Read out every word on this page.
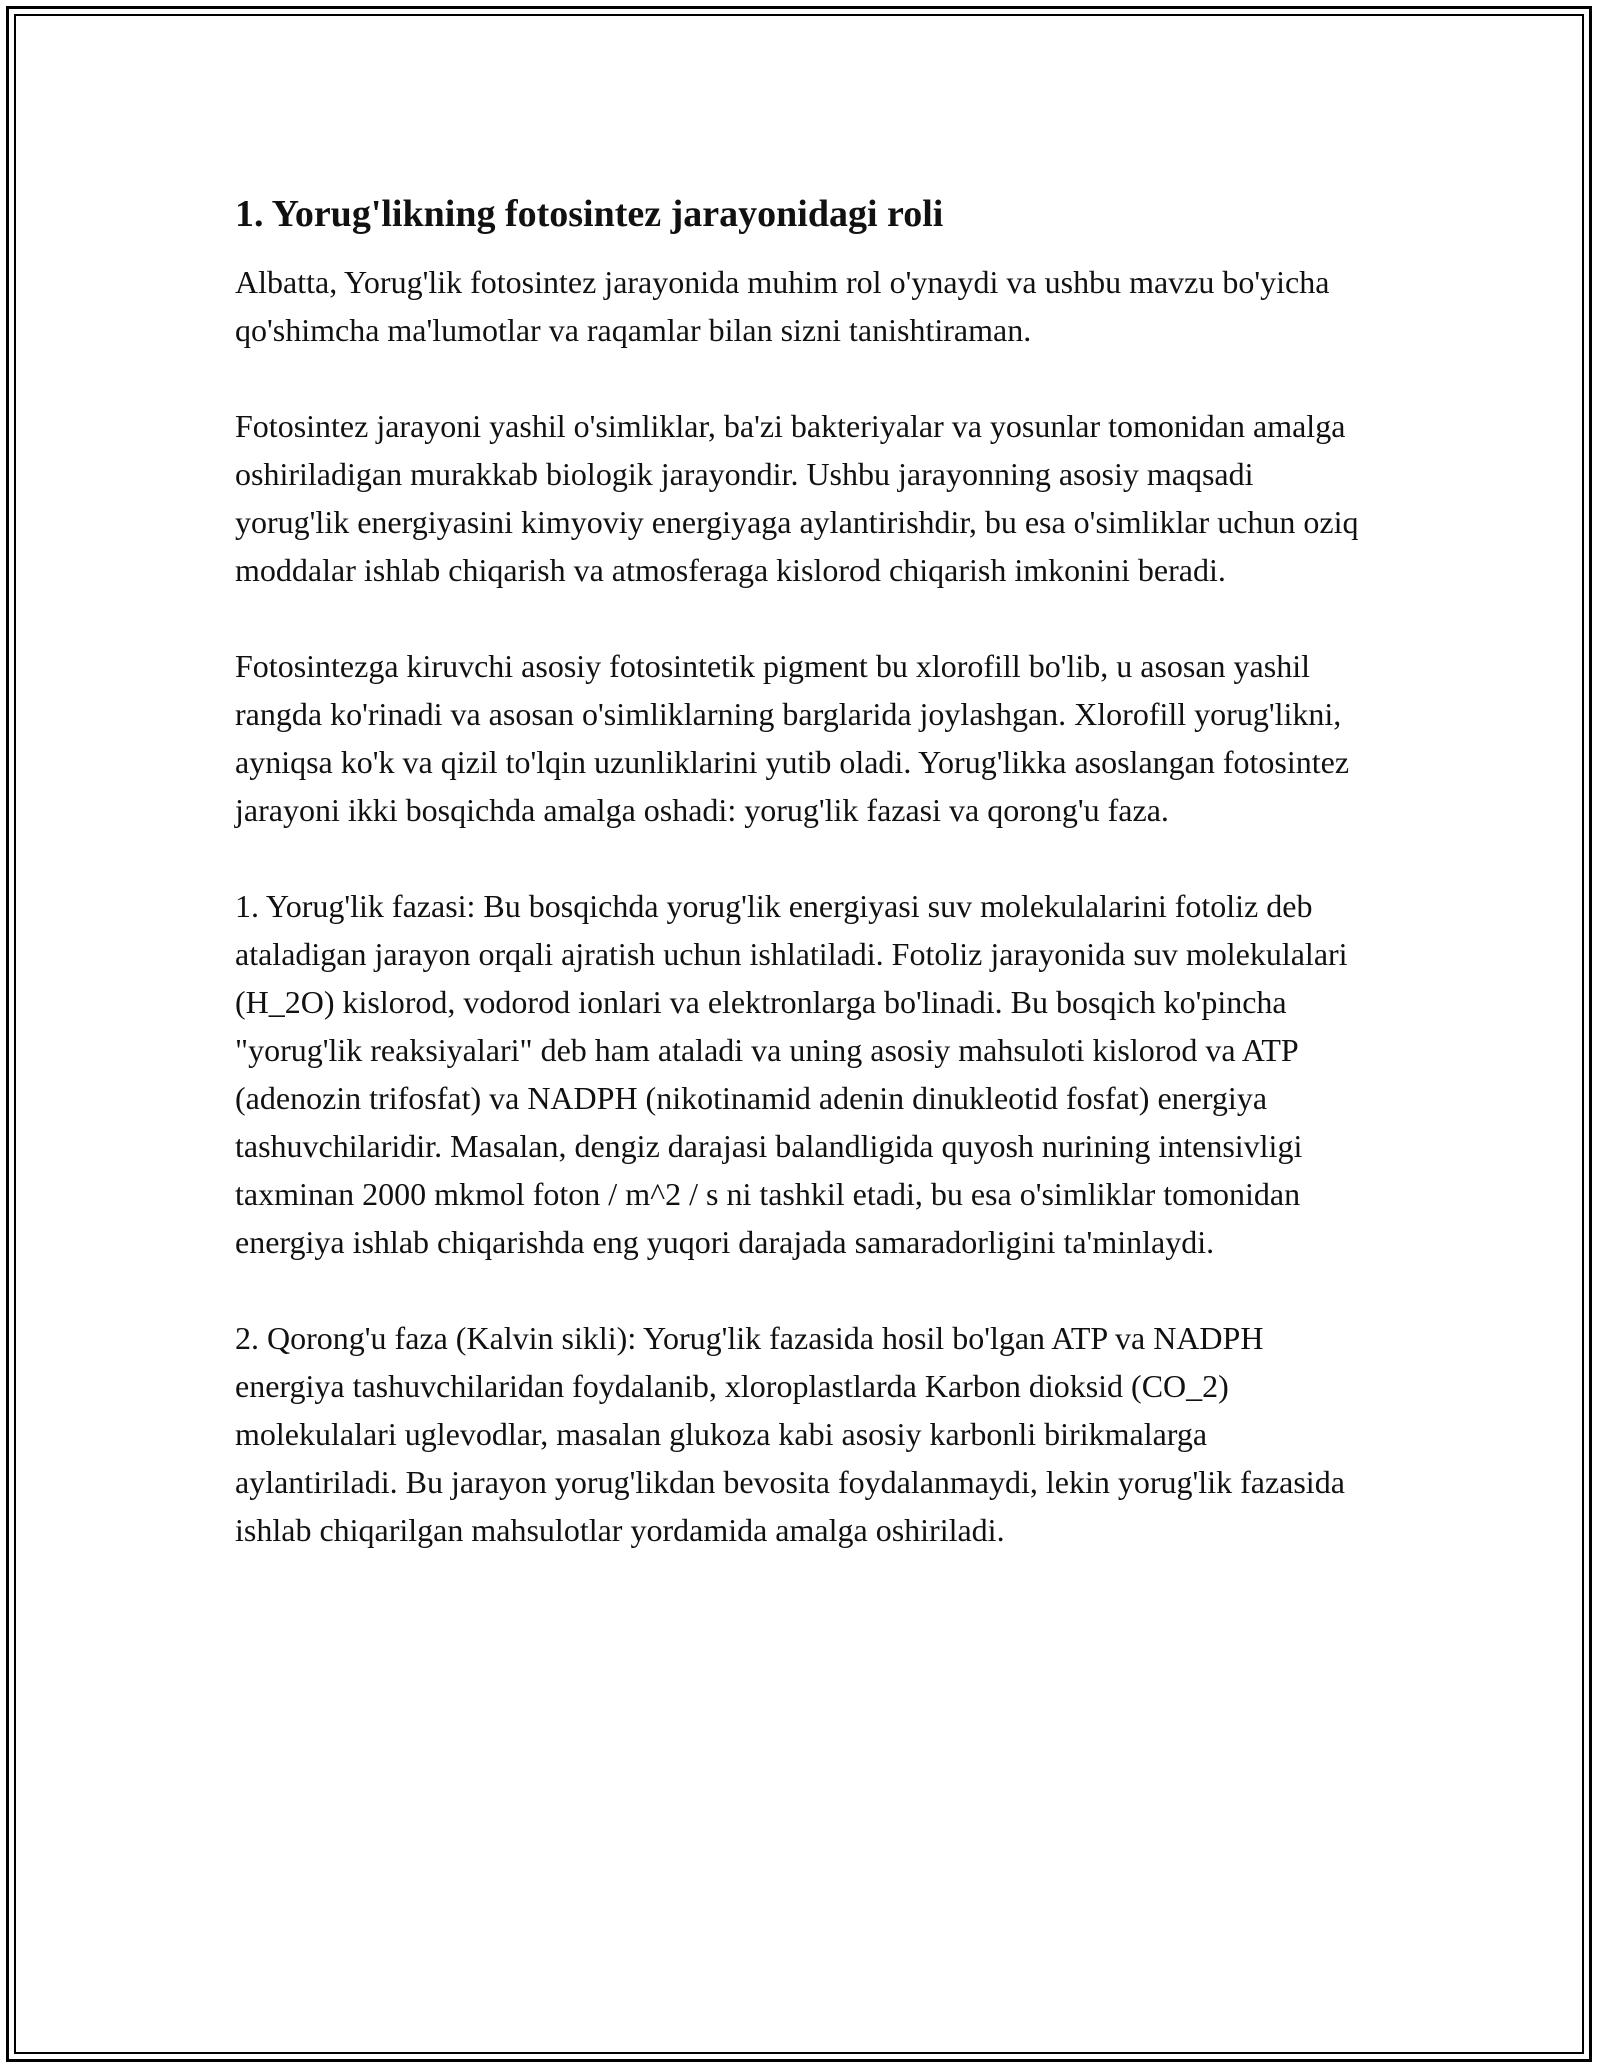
1. Yorug'likning fotosintez jarayonidagi roli

Albatta, Yorug'lik fotosintez jarayonida muhim rol o'ynaydi va ushbu mavzu bo'yicha qo'shimcha ma'lumotlar va raqamlar bilan sizni tanishtiraman.

Fotosintez jarayoni yashil o'simliklar, ba'zi bakteriyalar va yosunlar tomonidan amalga oshiriladigan murakkab biologik jarayondir. Ushbu jarayonning asosiy maqsadi yorug'lik energiyasini kimyoviy energiyaga aylantirishdir, bu esa o'simliklar uchun oziq moddalar ishlab chiqarish va atmosferaga kislorod chiqarish imkonini beradi.

Fotosintezga kiruvchi asosiy fotosintetik pigment bu xlorofill bo'lib, u asosan yashil rangda ko'rinadi va asosan o'simliklarning barglarida joylashgan. Xlorofill yorug'likni, ayniqsa ko'k va qizil to'lqin uzunliklarini yutib oladi. Yorug'likka asoslangan fotosintez jarayoni ikki bosqichda amalga oshadi: yorug'lik fazasi va qorong'u faza.

1. Yorug'lik fazasi: Bu bosqichda yorug'lik energiyasi suv molekulalarini fotoliz deb ataladigan jarayon orqali ajratish uchun ishlatiladi. Fotoliz jarayonida suv molekulalari (H_2O) kislorod, vodorod ionlari va elektronlarga bo'linadi. Bu bosqich ko'pincha "yorug'lik reaksiyalari" deb ham ataladi va uning asosiy mahsuloti kislorod va ATP (adenozin trifosfat) va NADPH (nikotinamid adenin dinukleotid fosfat) energiya tashuvchilaridir. Masalan, dengiz darajasi balandligida quyosh nurining intensivligi taxminan 2000 mkmol foton / m^2 / s ni tashkil etadi, bu esa o'simliklar tomonidan energiya ishlab chiqarishda eng yuqori darajada samaradorligini ta'minlaydi.

2. Qorong'u faza (Kalvin sikli): Yorug'lik fazasida hosil bo'lgan ATP va NADPH energiya tashuvchilaridan foydalanib, xloroplastlarda Karbon dioksid (CO_2) molekulalari uglevodlar, masalan glukoza kabi asosiy karbonli birikmalarga aylantiriladi. Bu jarayon yorug'likdan bevosita foydalanmaydi, lekin yorug'lik fazasida ishlab chiqarilgan mahsulotlar yordamida amalga oshiriladi.
